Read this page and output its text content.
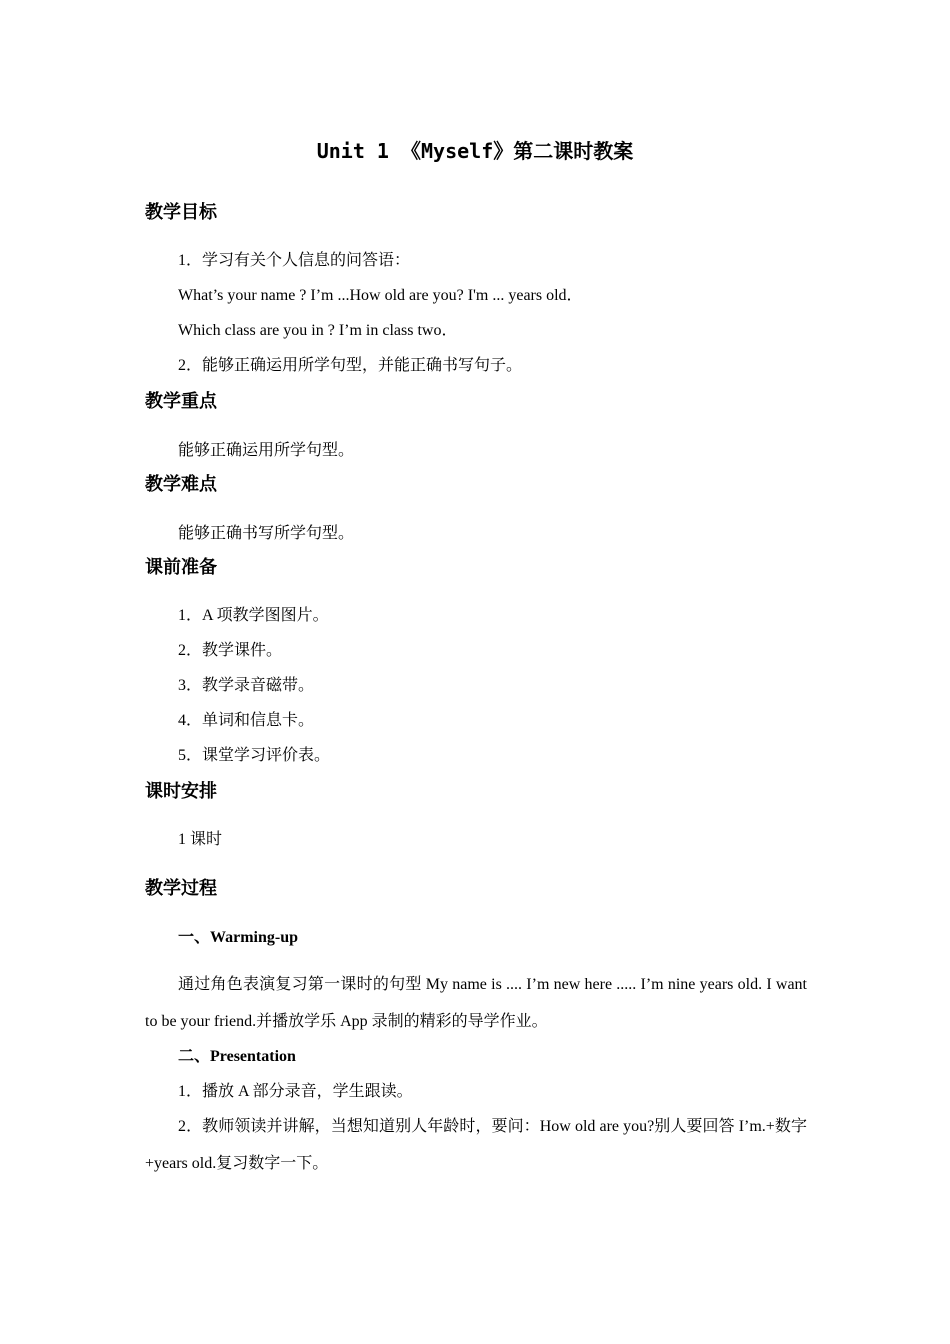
Unit 1 《Myself》第二课时教案
教学目标
1．学习有关个人信息的问答语：
What’s your name ? I’m ...How old are you? I'm ... years old．
Which class are you in ? I’m in class two．
2．能够正确运用所学句型，并能正确书写句子。
教学重点
能够正确运用所学句型。
教学难点
能够正确书写所学句型。
课前准备
1．A 项教学图图片。
2．教学课件。
3．教学录音磁带。
4．单词和信息卡。
5．课堂学习评价表。
课时安排
1 课时
教学过程
一、Warming-up
通过角色表演复习第一课时的句型 My name is .... I’m new here ..... I’m nine years old. I want to be your friend.并播放学乐 App 录制的精彩的导学作业。
二、Presentation
1．播放 A 部分录音，学生跟读。
2．教师领读并讲解，当想知道别人年龄时，要问：How old are you?别人要回答 I’m.+数字+years old.复习数字一下。
